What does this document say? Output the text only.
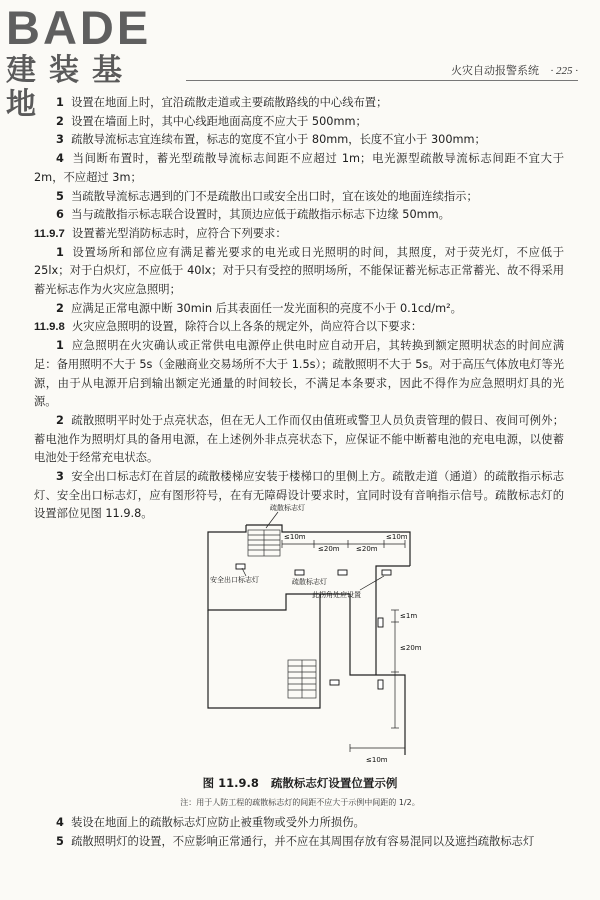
BADE
建装基地
火灾自动报警系统 · 225 ·

1 设置在地面上时，宜沿疏散走道或主要疏散路线的中心线布置；

2 设置在墙面上时，其中心线距地面高度不应大于 500mm；

3 疏散导流标志宜连续布置，标志的宽度不宜小于 80mm，长度不宜小于 300mm；

4 当间断布置时，蓄光型疏散导流标志间距不应超过 1m；电光源型疏散导流标志间距不宜大于 2m，不应超过 3m；

5 当疏散导流标志遇到的门不是疏散出口或安全出口时，宜在该处的地面连续指示；

6 当与疏散指示标志联合设置时，其顶边应低于疏散指示标志下边缘 50mm。

11.9.7 设置蓄光型消防标志时，应符合下列要求：

1 设置场所和部位应有满足蓄光要求的电光或日光照明的时间，其照度，对于荧光灯，不应低于 25lx；对于白炽灯，不应低于 40lx；对于只有受控的照明场所，不能保证蓄光标志正常蓄光、故不得采用蓄光标志作为火灾应急照明；

2 应满足正常电源中断 30min 后其表面任一发光面积的亮度不小于 0.1cd/m²。

11.9.8 火灾应急照明的设置，除符合以上各条的规定外，尚应符合以下要求：

1 应急照明在火灾确认或正常供电电源停止供电时应自动开启，其转换到额定照明状态的时间应满足：备用照明不大于 5s（金融商业交易场所不大于 1.5s）；疏散照明不大于 5s。对于高压气体放电灯等光源，由于从电源开启到输出额定光通量的时间较长，不满足本条要求，因此不得作为应急照明灯具的光源。

2 疏散照明平时处于点亮状态，但在无人工作而仅由值班或警卫人员负责管理的假日、夜间可例外；蓄电池作为照明灯具的备用电源，在上述例外非点亮状态下，应保证不能中断蓄电池的充电电源，以使蓄电池处于经常充电状态。

3 安全出口标志灯在首层的疏散楼梯应安装于楼梯口的里侧上方。疏散走道（通道）的疏散指示标志灯、安全出口标志灯，应有图形符号，在有无障碍设计要求时，宜同时设有音响指示信号。疏散标志灯的设置部位见图 11.9.8。	疏散标志灯
≤10m
≤20m ≤20m
≤10m
安全出口标志灯	疏散标志灯
此拐角处应设置
≤1m
≤20m
≤10m
图 11.9.8 疏散标志灯设置位置示例
注：用于人防工程的疏散标志灯的间距不应大于示例中间距的 1/2。

4 装设在地面上的疏散标志灯应防止被重物或受外力所损伤。

5 疏散照明灯的设置，不应影响正常通行，并不应在其周围存放有容易混同以及遮挡疏散标志灯
